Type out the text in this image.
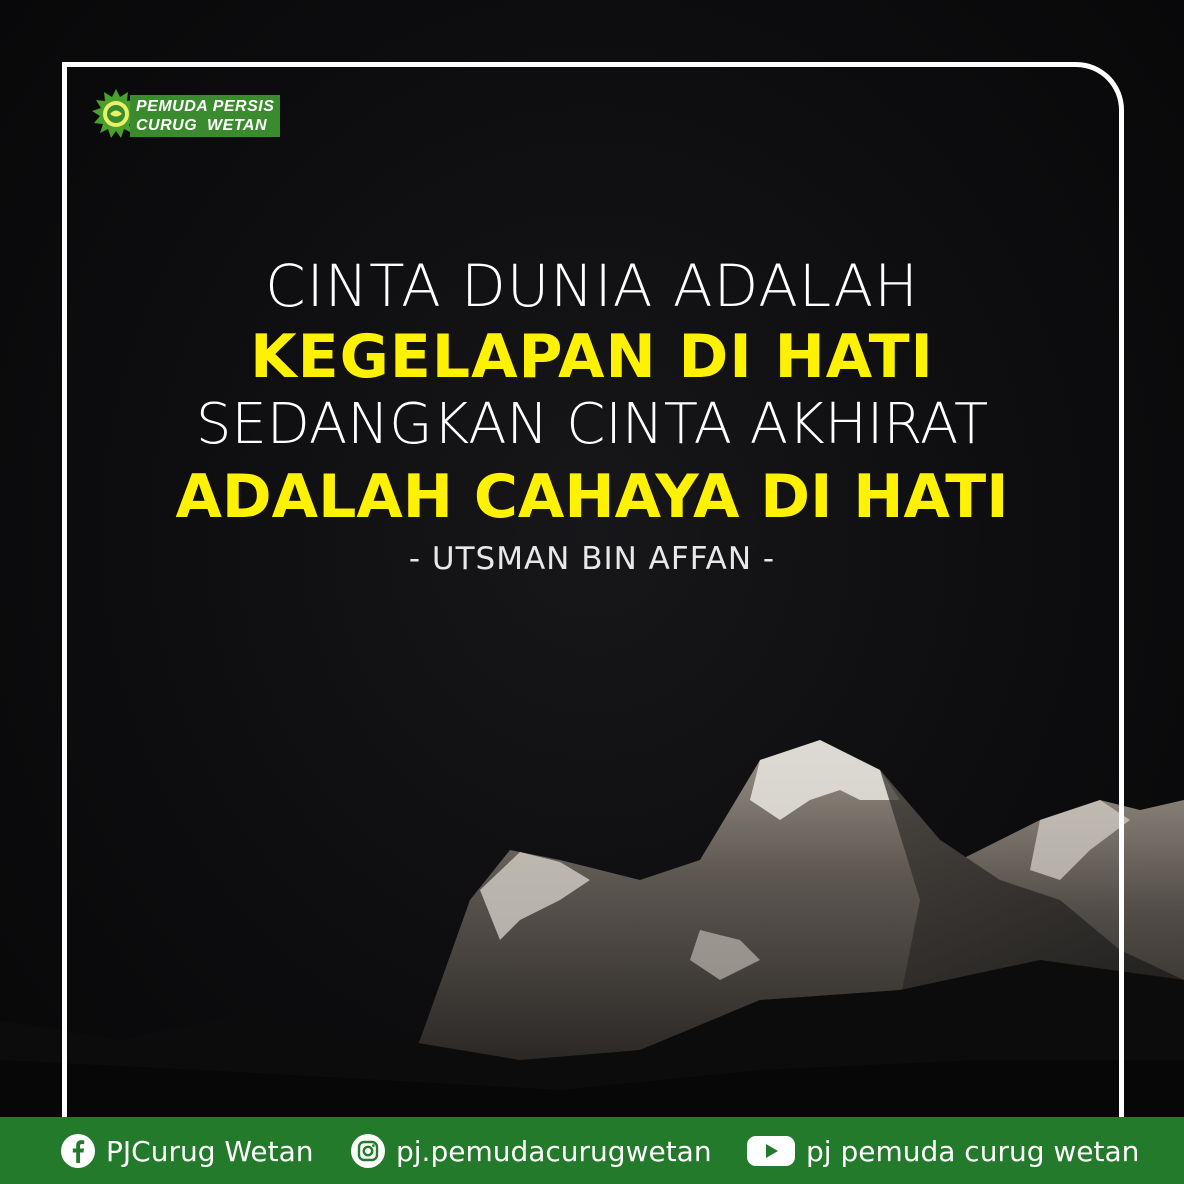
PEMUDA PERSIS
CURUG  WETAN
CINTA DUNIA ADALAH
KEGELAPAN DI HATI
SEDANGKAN CINTA AKHIRAT
ADALAH CAHAYA DI HATI
- UTSMAN BIN AFFAN -
PJCurug Wetan	pj.pemudacurugwetan	pj pemuda curug wetan
